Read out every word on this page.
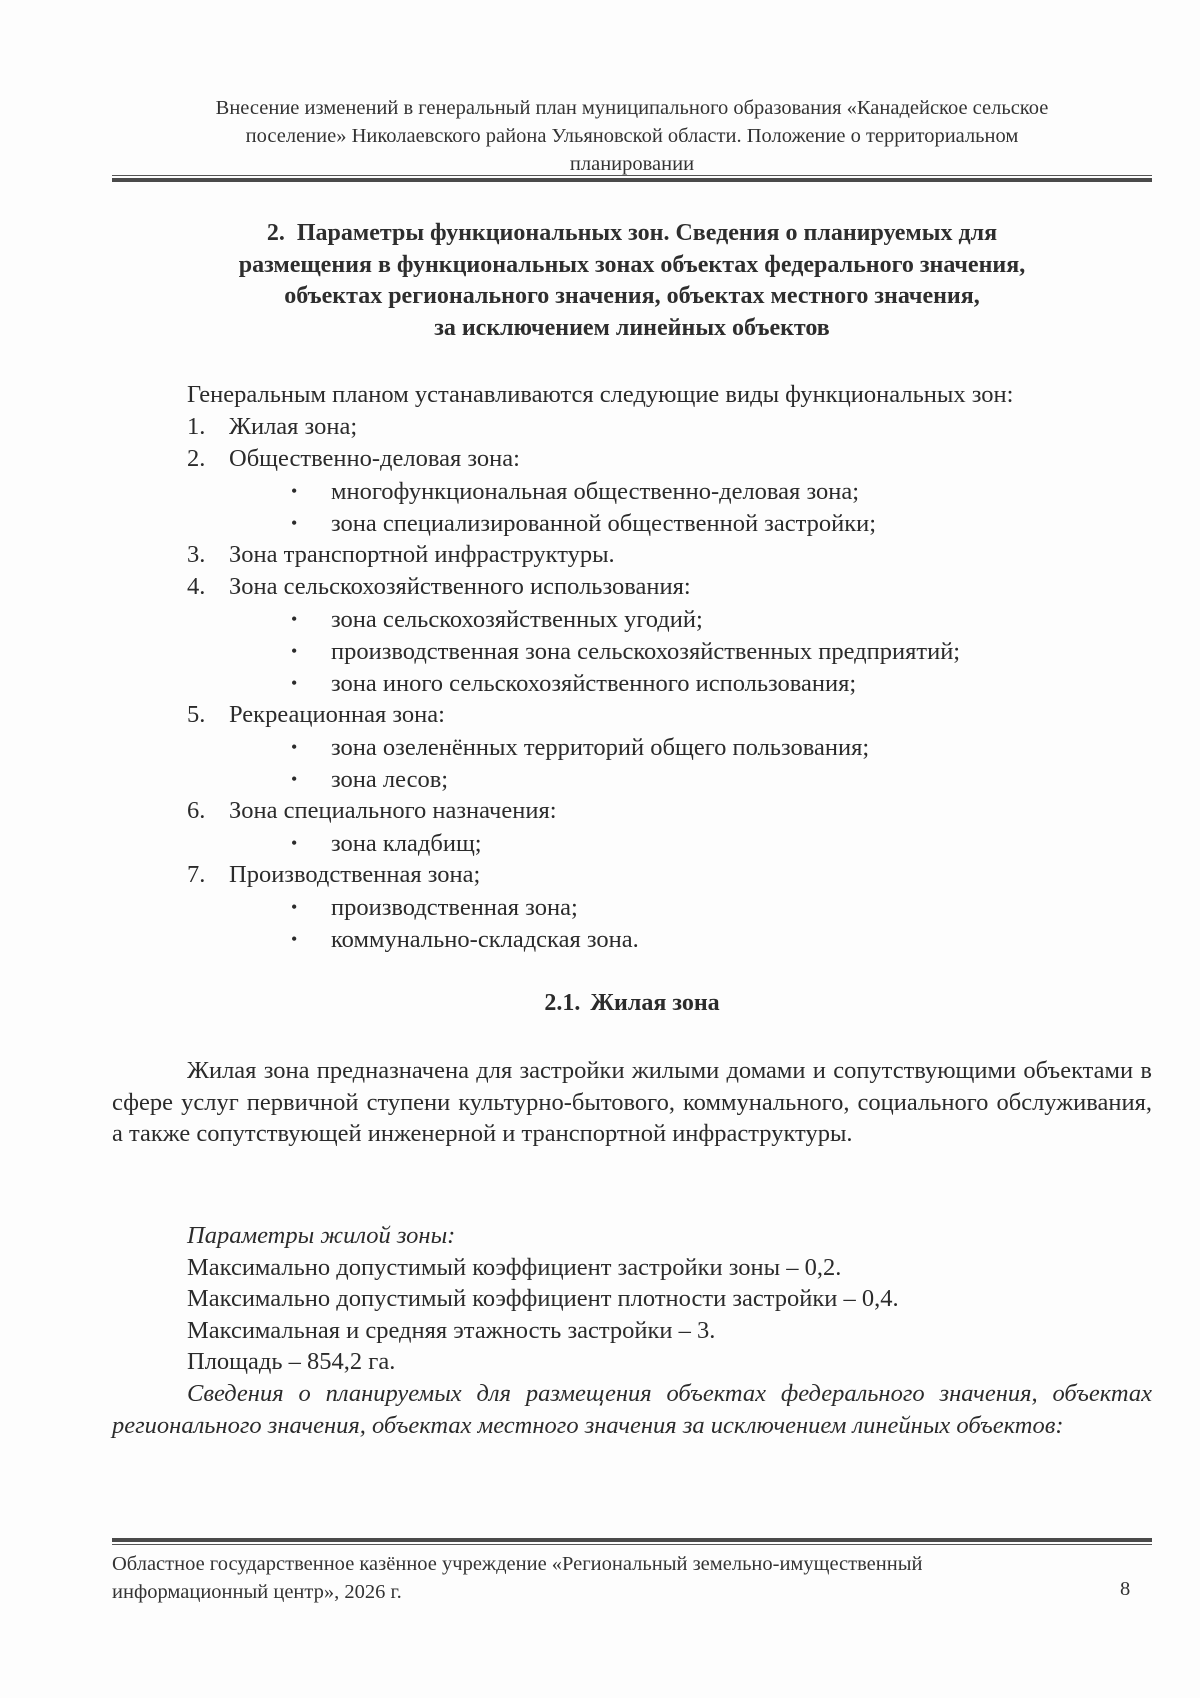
Внесение изменений в генеральный план муниципального образования «Канадейское сельское
поселение» Николаевского района Ульяновской области. Положение о территориальном
планировании
2. Параметры функциональных зон. Сведения о планируемых для
размещения в функциональных зонах объектах федерального значения,
объектах регионального значения, объектах местного значения,
за исключением линейных объектов
Генеральным планом устанавливаются следующие виды функциональных зон:
1. Жилая зона;
2. Общественно-деловая зона:
• многофункциональная общественно-деловая зона;
• зона специализированной общественной застройки;
3. Зона транспортной инфраструктуры.
4. Зона сельскохозяйственного использования:
• зона сельскохозяйственных угодий;
• производственная зона сельскохозяйственных предприятий;
• зона иного сельскохозяйственного использования;
5. Рекреационная зона:
• зона озеленённых территорий общего пользования;
• зона лесов;
6. Зона специального назначения:
• зона кладбищ;
7. Производственная зона;
• производственная зона;
• коммунально-складская зона.
2.1. Жилая зона
Жилая зона предназначена для застройки жилыми домами и сопутствующими объектами в сфере услуг первичной ступени культурно-бытового, коммунального, социального обслуживания, а также сопутствующей инженерной и транспортной инфраструктуры.
Параметры жилой зоны:
Максимально допустимый коэффициент застройки зоны – 0,2.
Максимально допустимый коэффициент плотности застройки – 0,4.
Максимальная и средняя этажность застройки – 3.
Площадь – 854,2 га.
Сведения о планируемых для размещения объектах федерального значения, объектах регионального значения, объектах местного значения за исключением линейных объектов:
Областное государственное казённое учреждение «Региональный земельно-имущественный
информационный центр», 2026 г.	8
